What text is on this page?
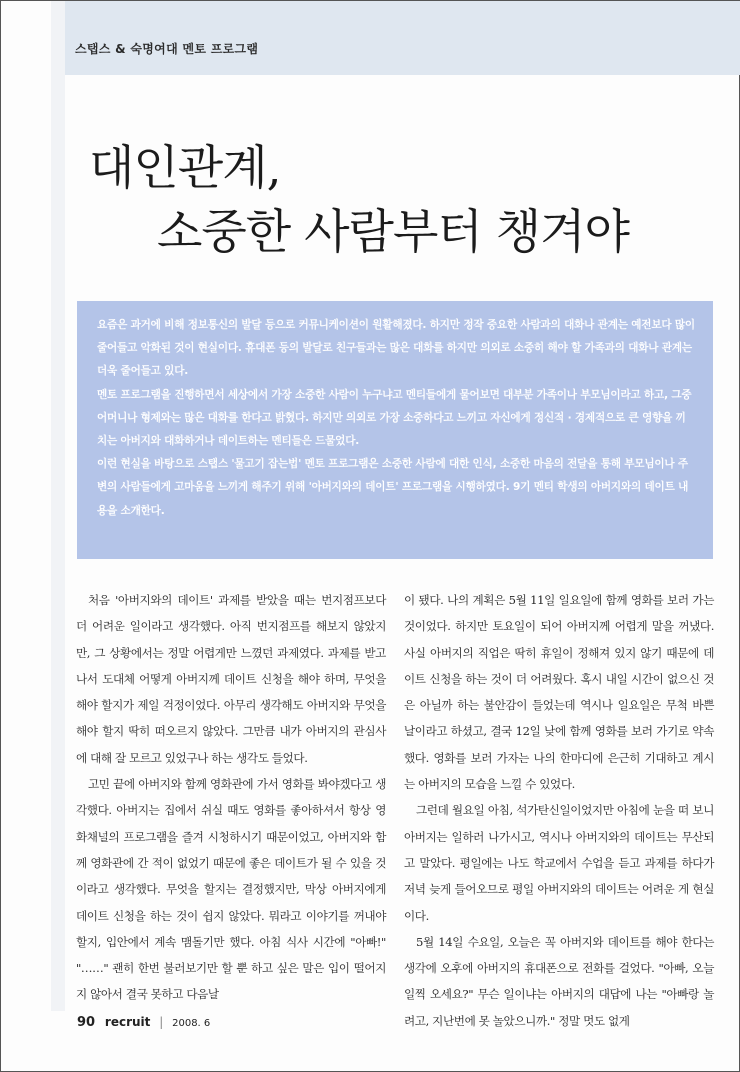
스탭스 & 숙명여대 멘토 프로그램
대인관계,
소중한 사람부터 챙겨야

요즘은 과거에 비해 정보통신의 발달 등으로 커뮤니케이션이 원활해졌다. 하지만 정작 중요한 사람과의 대화나 관계는 예전보다 많이 줄어들고 악화된 것이 현실이다. 휴대폰 등의 발달로 친구들과는 많은 대화를 하지만 의외로 소중히 해야 할 가족과의 대화나 관계는 더욱 줄어들고 있다.

멘토 프로그램을 진행하면서 세상에서 가장 소중한 사람이 누구냐고 멘티들에게 물어보면 대부분 가족이나 부모님이라고 하고, 그중 어머니나 형제와는 많은 대화를 한다고 밝혔다. 하지만 의외로 가장 소중하다고 느끼고 자신에게 정신적 · 경제적으로 큰 영향을 끼치는 아버지와 대화하거나 데이트하는 멘티들은 드물었다.

이런 현실을 바탕으로 스탭스 '물고기 잡는법' 멘토 프로그램은 소중한 사람에 대한 인식, 소중한 마음의 전달을 통해 부모님이나 주변의 사람들에게 고마움을 느끼게 해주기 위해 '아버지와의 데이트' 프로그램을 시행하였다. 9기 멘티 학생의 아버지와의 데이트 내용을 소개한다.

처음 '아버지와의 데이트' 과제를 받았을 때는 번지점프보다 더 어려운 일이라고 생각했다. 아직 번지점프를 해보지 않았지만, 그 상황에서는 정말 어렵게만 느꼈던 과제였다. 과제를 받고 나서 도대체 어떻게 아버지께 데이트 신청을 해야 하며, 무엇을 해야 할지가 제일 걱정이었다. 아무리 생각해도 아버지와 무엇을 해야 할지 딱히 떠오르지 않았다. 그만큼 내가 아버지의 관심사에 대해 잘 모르고 있었구나 하는 생각도 들었다.

고민 끝에 아버지와 함께 영화관에 가서 영화를 봐야겠다고 생각했다. 아버지는 집에서 쉬실 때도 영화를 좋아하셔서 항상 영화채널의 프로그램을 즐겨 시청하시기 때문이었고, 아버지와 함께 영화관에 간 적이 없었기 때문에 좋은 데이트가 될 수 있을 것이라고 생각했다. 무엇을 할지는 결정했지만, 막상 아버지에게 데이트 신청을 하는 것이 쉽지 않았다. 뭐라고 이야기를 꺼내야 할지, 입안에서 계속 맴돌기만 했다. 아침 식사 시간에 "아빠!" "……" 괜히 한번 불러보기만 할 뿐 하고 싶은 말은 입이 떨어지지 않아서 결국 못하고 다음날

이 됐다. 나의 계획은 5월 11일 일요일에 함께 영화를 보러 가는 것이었다. 하지만 토요일이 되어 아버지께 어렵게 말을 꺼냈다. 사실 아버지의 직업은 딱히 휴일이 정해져 있지 않기 때문에 데이트 신청을 하는 것이 더 어려웠다. 혹시 내일 시간이 없으신 것은 아닐까 하는 불안감이 들었는데 역시나 일요일은 무척 바쁜 날이라고 하셨고, 결국 12일 낮에 함께 영화를 보러 가기로 약속했다. 영화를 보러 가자는 나의 한마디에 은근히 기대하고 계시는 아버지의 모습을 느낄 수 있었다.

그런데 월요일 아침, 석가탄신일이었지만 아침에 눈을 떠 보니 아버지는 일하러 나가시고, 역시나 아버지와의 데이트는 무산되고 말았다. 평일에는 나도 학교에서 수업을 듣고 과제를 하다가 저녁 늦게 들어오므로 평일 아버지와의 데이트는 어려운 게 현실이다.

5월 14일 수요일, 오늘은 꼭 아버지와 데이트를 해야 한다는 생각에 오후에 아버지의 휴대폰으로 전화를 걸었다. "아빠, 오늘 일찍 오세요?" 무슨 일이냐는 아버지의 대답에 나는 "아빠랑 놀려고, 지난번에 못 놀았으니까." 정말 멋도 없게

90 recruit | 2008. 6
